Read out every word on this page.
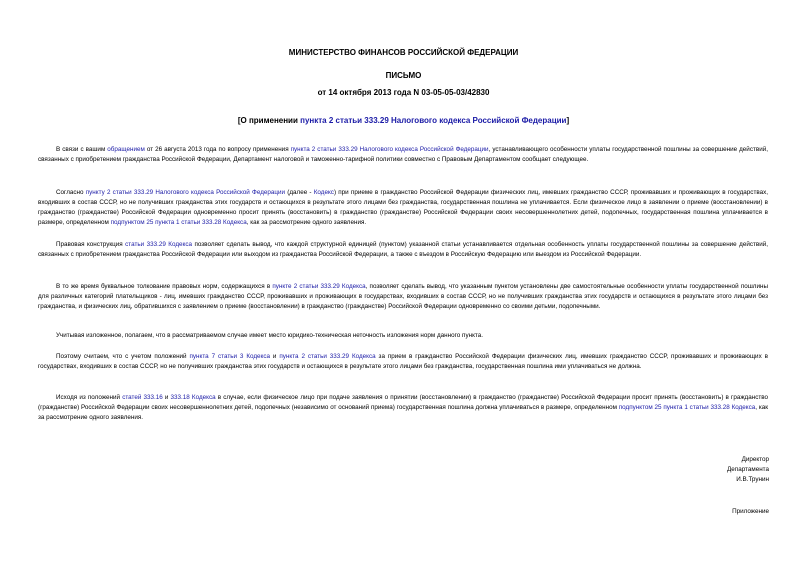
МИНИСТЕРСТВО ФИНАНСОВ РОССИЙСКОЙ ФЕДЕРАЦИИ
ПИСЬМО
от 14 октября 2013 года N 03-05-05-03/42830
[О применении пункта 2 статьи 333.29 Налогового кодекса Российской Федерации]
В связи с вашим обращением от 26 августа 2013 года по вопросу применения пункта 2 статьи 333.29 Налогового кодекса Российской Федерации, устанавливающего особенности уплаты государственной пошлины за совершение действий, связанных с приобретением гражданства Российской Федерации, Департамент налоговой и таможенно-тарифной политики совместно с Правовым Департаментом сообщает следующее.
Согласно пункту 2 статьи 333.29 Налогового кодекса Российской Федерации (далее - Кодекс) при приеме в гражданство Российской Федерации физических лиц, имевших гражданство СССР, проживавших и проживающих в государствах, входивших в состав СССР, но не получивших гражданства этих государств и остающихся в результате этого лицами без гражданства, государственная пошлина не уплачивается. Если физическое лицо в заявлении о приеме (восстановлении) в гражданство (гражданстве) Российской Федерации одновременно просит принять (восстановить) в гражданство (гражданстве) Российской Федерации своих несовершеннолетних детей, подопечных, государственная пошлина уплачивается в размере, определенном подпунктом 25 пункта 1 статьи 333.28 Кодекса, как за рассмотрение одного заявления.
Правовая конструкция статьи 333.29 Кодекса позволяет сделать вывод, что каждой структурной единицей (пунктом) указанной статьи устанавливается отдельная особенность уплаты государственной пошлины за совершение действий, связанных с приобретением гражданства Российской Федерации или выходом из гражданства Российской Федерации, а также с въездом в Российскую Федерацию или выездом из Российской Федерации.
В то же время буквальное толкование правовых норм, содержащихся в пункте 2 статьи 333.29 Кодекса, позволяет сделать вывод, что указанным пунктом установлены две самостоятельные особенности уплаты государственной пошлины для различных категорий плательщиков - лиц, имевших гражданство СССР, проживавших и проживающих в государствах, входивших в состав СССР, но не получивших гражданства этих государств и остающихся в результате этого лицами без гражданства, и физических лиц, обратившихся с заявлением о приеме (восстановлении) в гражданство (гражданстве) Российской Федерации одновременно со своими детьми, подопечными.
Учитывая изложенное, полагаем, что в рассматриваемом случае имеет место юридико-техническая неточность изложения норм данного пункта.
Поэтому считаем, что с учетом положений пункта 7 статьи 3 Кодекса и пункта 2 статьи 333.29 Кодекса за прием в гражданство Российской Федерации физических лиц, имевших гражданство СССР, проживавших и проживающих в государствах, входивших в состав СССР, но не получивших гражданства этих государств и остающихся в результате этого лицами без гражданства, государственная пошлина ими уплачиваться не должна.
Исходя из положений статей 333.16 и 333.18 Кодекса в случае, если физическое лицо при подаче заявления о принятии (восстановлении) в гражданство (гражданстве) Российской Федерации просит принять (восстановить) в гражданство (гражданстве) Российской Федерации своих несовершеннолетних детей, подопечных (независимо от оснований приема) государственная пошлина должна уплачиваться в размере, определенном подпунктом 25 пункта 1 статьи 333.28 Кодекса, как за рассмотрение одного заявления.
Директор
Департамента
И.В.Трунин
Приложение
